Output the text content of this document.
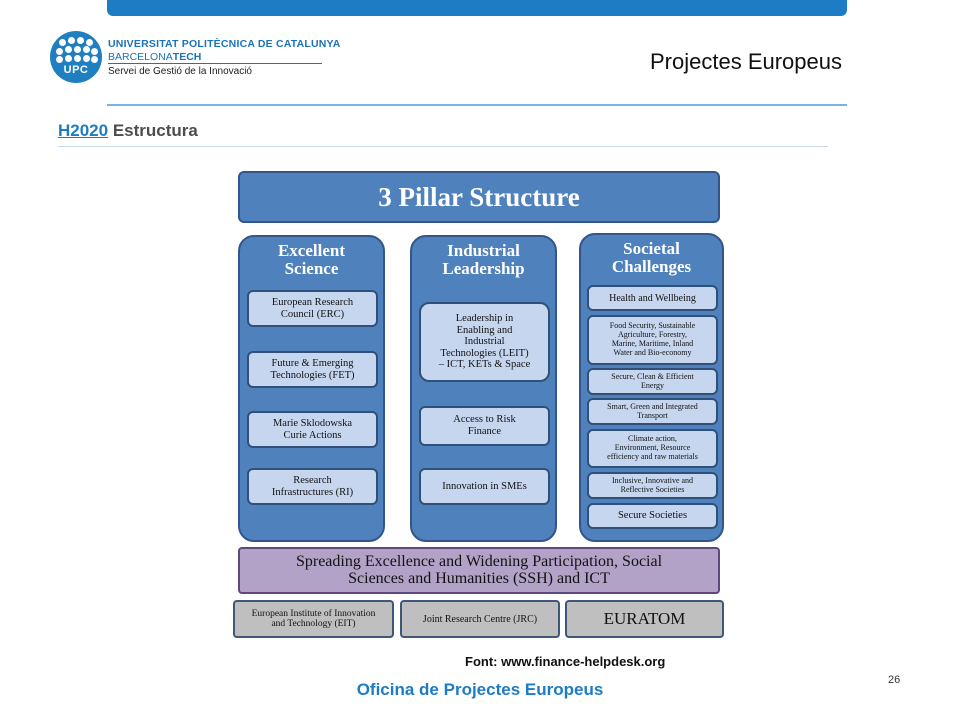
UPC
UNIVERSITAT POLITÈCNICA DE CATALUNYA
BARCELONATECH
Servei de Gestió de la Innovació	Projectes Europeus
H2020 Estructura
3 Pillar Structure
Excellent
Science
European Research
Council (ERC)
Future & Emerging
Technologies (FET)
Marie Sklodowska
Curie Actions
Research
Infrastructures (RI)
Industrial
Leadership
Leadership in
Enabling and
Industrial
Technologies (LEIT)
– ICT, KETs & Space
Access to Risk
Finance
Innovation in SMEs
Societal
Challenges
Health and Wellbeing
Food Security, Sustainable
Agriculture, Forestry,
Marine, Maritime, Inland
Water and Bio-economy
Secure, Clean & Efficient
Energy
Smart, Green and Integrated
Transport
Climate action,
Environment, Resource
efficiency and raw materials
Inclusive, Innovative and
Reflective Societies
Secure Societies
Spreading Excellence and Widening Participation, Social
Sciences and Humanities (SSH) and ICT
European Institute of Innovation
and Technology (EIT)	Joint Research Centre (JRC)	EURATOM
Font: www.finance-helpdesk.org
Oficina de Projectes Europeus	26
